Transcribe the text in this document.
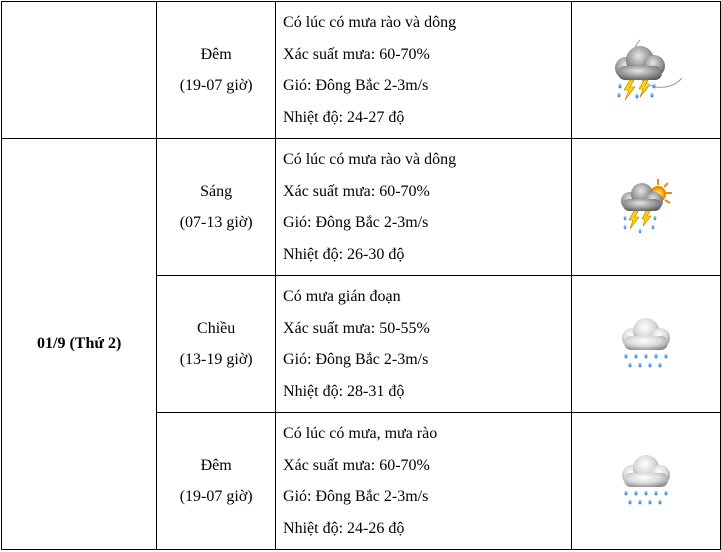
	Đêm
(19-07 giờ)	Có lúc có mưa rào và dông
Xác suất mưa: 60-70%
Gió: Đông Bắc 2-3m/s
Nhiệt độ: 24-27 độ

01/9 (Thứ 2)	Sáng
(07-13 giờ)	Có lúc có mưa rào và dông
Xác suất mưa: 60-70%
Gió: Đông Bắc 2-3m/s
Nhiệt độ: 26-30 độ

	Chiều
(13-19 giờ)	Có mưa gián đoạn
Xác suất mưa: 50-55%
Gió: Đông Bắc 2-3m/s
Nhiệt độ: 28-31 độ

	Đêm
(19-07 giờ)	Có lúc có mưa, mưa rào
Xác suất mưa: 60-70%
Gió: Đông Bắc 2-3m/s
Nhiệt độ: 24-26 độ
